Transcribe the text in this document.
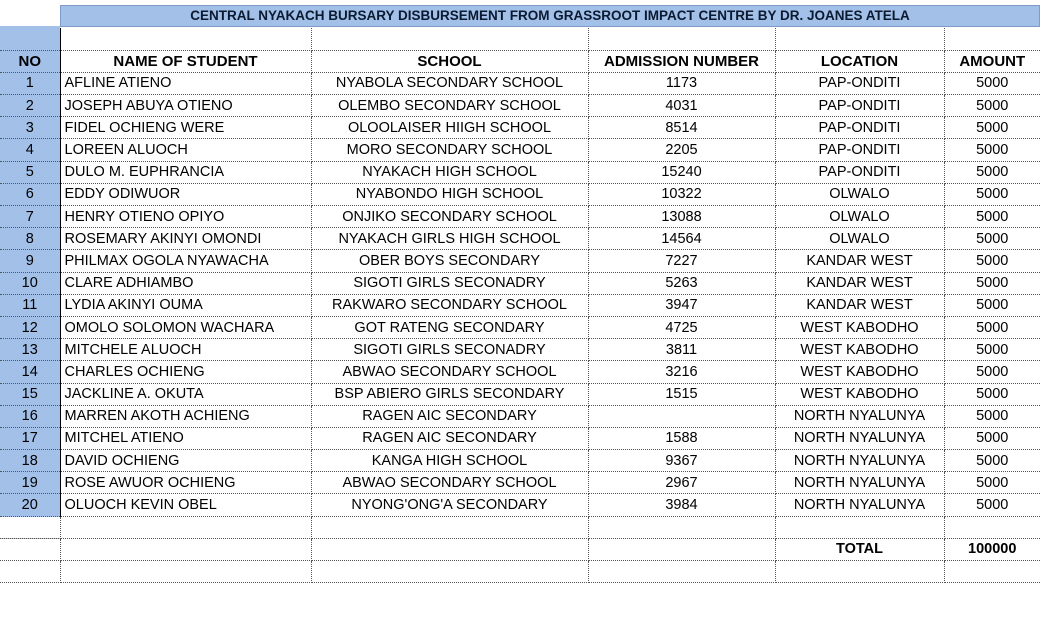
CENTRAL NYAKACH BURSARY DISBURSEMENT FROM GRASSROOT IMPACT CENTRE BY DR. JOANES ATELA

NO	NAME OF STUDENT	SCHOOL	ADMISSION NUMBER	LOCATION	AMOUNT
1	AFLINE ATIENO	NYABOLA SECONDARY SCHOOL	1173	PAP-ONDITI	5000
2	JOSEPH ABUYA OTIENO	OLEMBO SECONDARY SCHOOL	4031	PAP-ONDITI	5000
3	FIDEL OCHIENG WERE	OLOOLAISER HIIGH SCHOOL	8514	PAP-ONDITI	5000
4	LOREEN ALUOCH	MORO SECONDARY SCHOOL	2205	PAP-ONDITI	5000
5	DULO M. EUPHRANCIA	NYAKACH HIGH SCHOOL	15240	PAP-ONDITI	5000
6	EDDY ODIWUOR	NYABONDO HIGH SCHOOL	10322	OLWALO	5000
7	HENRY OTIENO OPIYO	ONJIKO SECONDARY SCHOOL	13088	OLWALO	5000
8	ROSEMARY AKINYI OMONDI	NYAKACH GIRLS HIGH SCHOOL	14564	OLWALO	5000
9	PHILMAX OGOLA NYAWACHA	OBER BOYS SECONDARY	7227	KANDAR WEST	5000
10	CLARE ADHIAMBO	SIGOTI GIRLS SECONADRY	5263	KANDAR WEST	5000
11	LYDIA AKINYI OUMA	RAKWARO SECONDARY SCHOOL	3947	KANDAR WEST	5000
12	OMOLO SOLOMON WACHARA	GOT RATENG SECONDARY	4725	WEST KABODHO	5000
13	MITCHELE ALUOCH	SIGOTI GIRLS SECONADRY	3811	WEST KABODHO	5000
14	CHARLES OCHIENG	ABWAO SECONDARY SCHOOL	3216	WEST KABODHO	5000
15	JACKLINE A. OKUTA	BSP ABIERO GIRLS SECONDARY	1515	WEST KABODHO	5000
16	MARREN AKOTH ACHIENG	RAGEN AIC SECONDARY		NORTH NYALUNYA	5000
17	MITCHEL ATIENO	RAGEN AIC SECONDARY	1588	NORTH NYALUNYA	5000
18	DAVID OCHIENG	KANGA HIGH SCHOOL	9367	NORTH NYALUNYA	5000
19	ROSE AWUOR OCHIENG	ABWAO SECONDARY SCHOOL	2967	NORTH NYALUNYA	5000
20	OLUOCH KEVIN OBEL	NYONG'ONG'A SECONDARY	3984	NORTH NYALUNYA	5000

				TOTAL	100000
